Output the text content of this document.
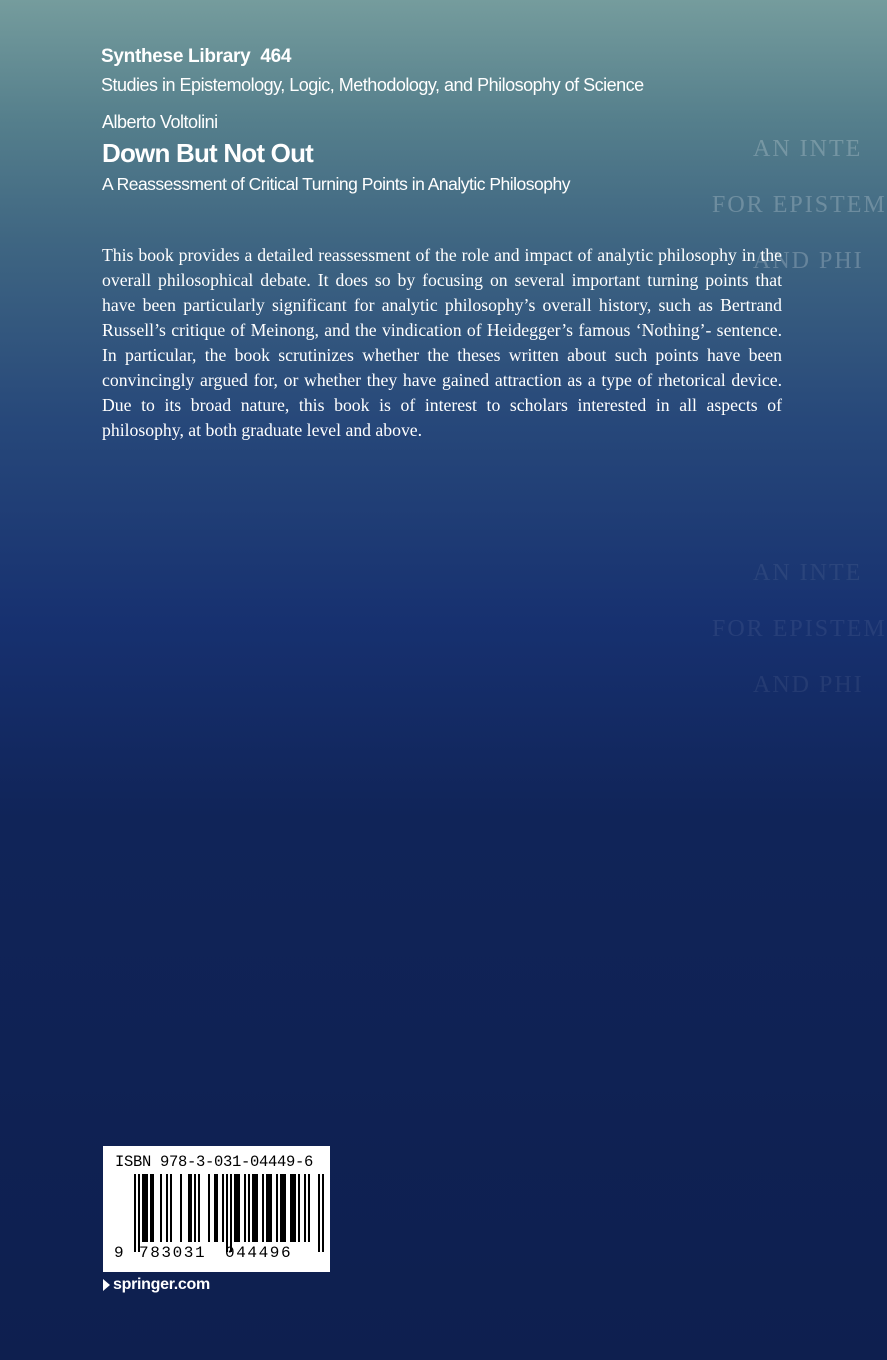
Synthese Library 464
Studies in Epistemology, Logic, Methodology, and Philosophy of Science
Alberto Voltolini
Down But Not Out
A Reassessment of Critical Turning Points in Analytic Philosophy
AN INTE
FOR EPISTEM
AND PHI
AN INTE
FOR EPISTEM
AND PHI
This book provides a detailed reassessment of the role and impact of analytic philosophy in the overall philosophical debate. It does so by focusing on several important turning points that have been particularly significant for analytic philosophy’s overall history, such as Bertrand Russell’s critique of Meinong, and the vindication of Heidegger’s famous ‘Nothing’- sentence. In particular, the book scrutinizes whether the theses written about such points have been convincingly argued for, or whether they have gained attraction as a type of rhetorical device. Due to its broad nature, this book is of interest to scholars interested in all aspects of philosophy, at both graduate level and above.
ISBN 978-3-031-04449-6
9 783031 044496
springer.com
